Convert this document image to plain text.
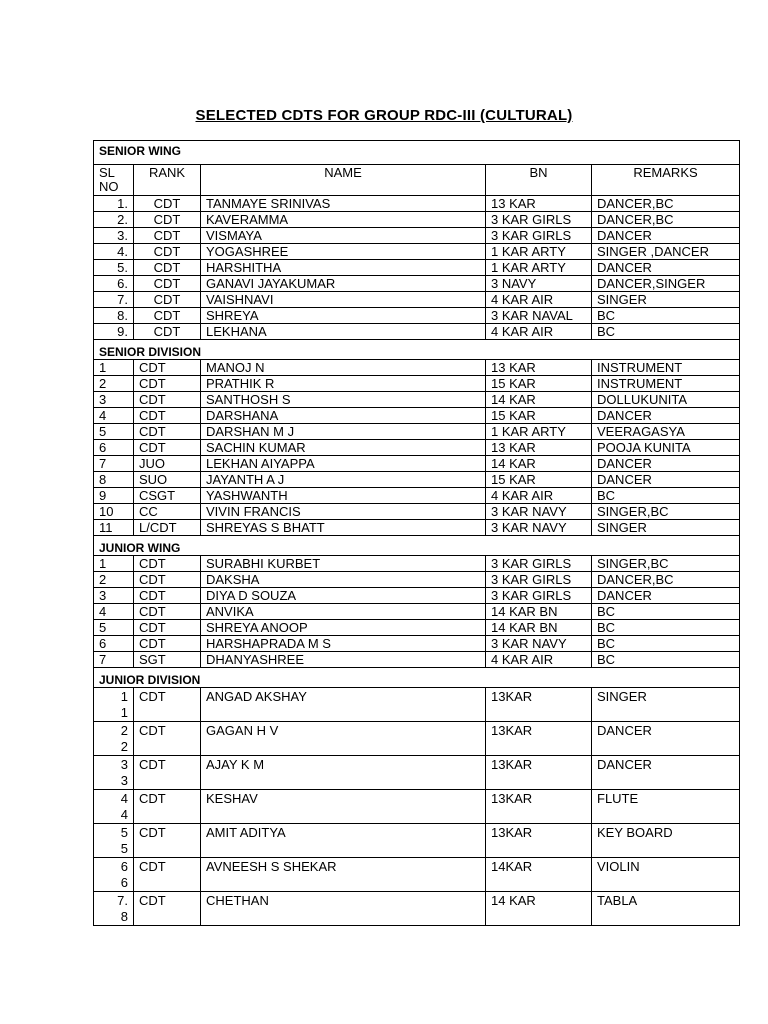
SELECTED CDTS FOR GROUP RDC-III (CULTURAL)
SENIOR WING				

SL
NO	RANK	NAME	BN	REMARKS
1.	CDT	TANMAYE SRINIVAS	13 KAR	DANCER,BC
2.	CDT	KAVERAMMA	3 KAR GIRLS	DANCER,BC
3.	CDT	VISMAYA	3 KAR GIRLS	DANCER
4.	CDT	YOGASHREE	1 KAR ARTY	SINGER ,DANCER
5.	CDT	HARSHITHA	1 KAR ARTY	DANCER
6.	CDT	GANAVI JAYAKUMAR	3 NAVY	DANCER,SINGER
7.	CDT	VAISHNAVI	4 KAR AIR	SINGER
8.	CDT	SHREYA	3 KAR NAVAL	BC
9.	CDT	LEKHANA	4 KAR AIR	BC
SENIOR DIVISION				
1	CDT	MANOJ N	13 KAR	INSTRUMENT
2	CDT	PRATHIK R	15 KAR	INSTRUMENT
3	CDT	SANTHOSH S	14 KAR	DOLLUKUNITA
4	CDT	DARSHANA	15 KAR	DANCER
5	CDT	DARSHAN M J	1 KAR ARTY	VEERAGASYA
6	CDT	SACHIN KUMAR	13 KAR	POOJA KUNITA
7	JUO	LEKHAN AIYAPPA	14 KAR	DANCER
8	SUO	JAYANTH A J	15 KAR	DANCER
9	CSGT	YASHWANTH	4 KAR AIR	BC
10	CC	VIVIN FRANCIS	3 KAR NAVY	SINGER,BC
11	L/CDT	SHREYAS S BHATT	3 KAR NAVY	SINGER
JUNIOR WING				
1	CDT	SURABHI KURBET	3 KAR GIRLS	SINGER,BC
2	CDT	DAKSHA	3 KAR GIRLS	DANCER,BC
3	CDT	DIYA D SOUZA	3 KAR GIRLS	DANCER
4	CDT	ANVIKA	14 KAR BN	BC
5	CDT	SHREYA ANOOP	14 KAR BN	BC
6	CDT	HARSHAPRADA M S	3 KAR NAVY	BC
7	SGT	DHANYASHREE	4 KAR AIR	BC
JUNIOR DIVISION				

1
1	CDT	ANGAD AKSHAY	13KAR	SINGER

2
2	CDT	GAGAN H V	13KAR	DANCER

3
3	CDT	AJAY K M	13KAR	DANCER

4
4	CDT	KESHAV	13KAR	FLUTE

5
5	CDT	AMIT ADITYA	13KAR	KEY BOARD

6
6	CDT	AVNEESH S SHEKAR	14KAR	VIOLIN

7.
8	CDT	CHETHAN	14 KAR	TABLA
